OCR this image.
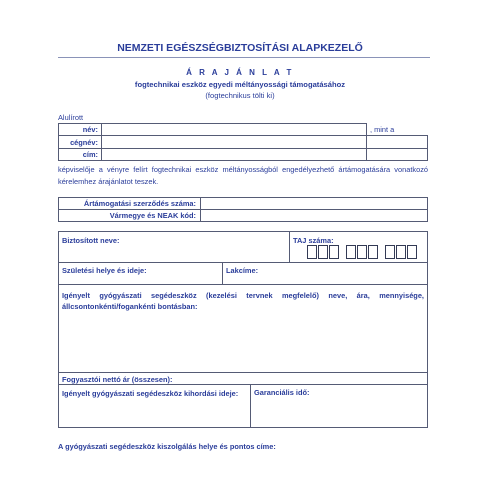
NEMZETI EGÉSZSÉGBIZTOSÍTÁSI ALAPKEZELŐ
Á R A J Á N L A T
fogtechnikai eszköz egyedi méltányossági támogatásához
(fogtechnikus tölti ki)
Alulírott
név:	, mint a
cégnév:
cím:
képviselője a vényre felírt fogtechnikai eszköz méltányosságból engedélyezhető ártámogatására vonatkozó kérelemhez árajánlatot teszek.
Ártámogatási szerződés száma:
Vármegye és NEAK kód:
Biztosított neve:	TAJ száma:
Születési helye és ideje:	Lakcíme:
Igényelt gyógyászati segédeszköz (kezelési tervnek megfelelő) neve, ára, mennyisége, állcsontonkénti/fogankénti bontásban:
Fogyasztói nettó ár (összesen):
Igényelt gyógyászati segédeszköz kihordási ideje:	Garanciális idő:
A gyógyászati segédeszköz kiszolgálás helye és pontos címe:
